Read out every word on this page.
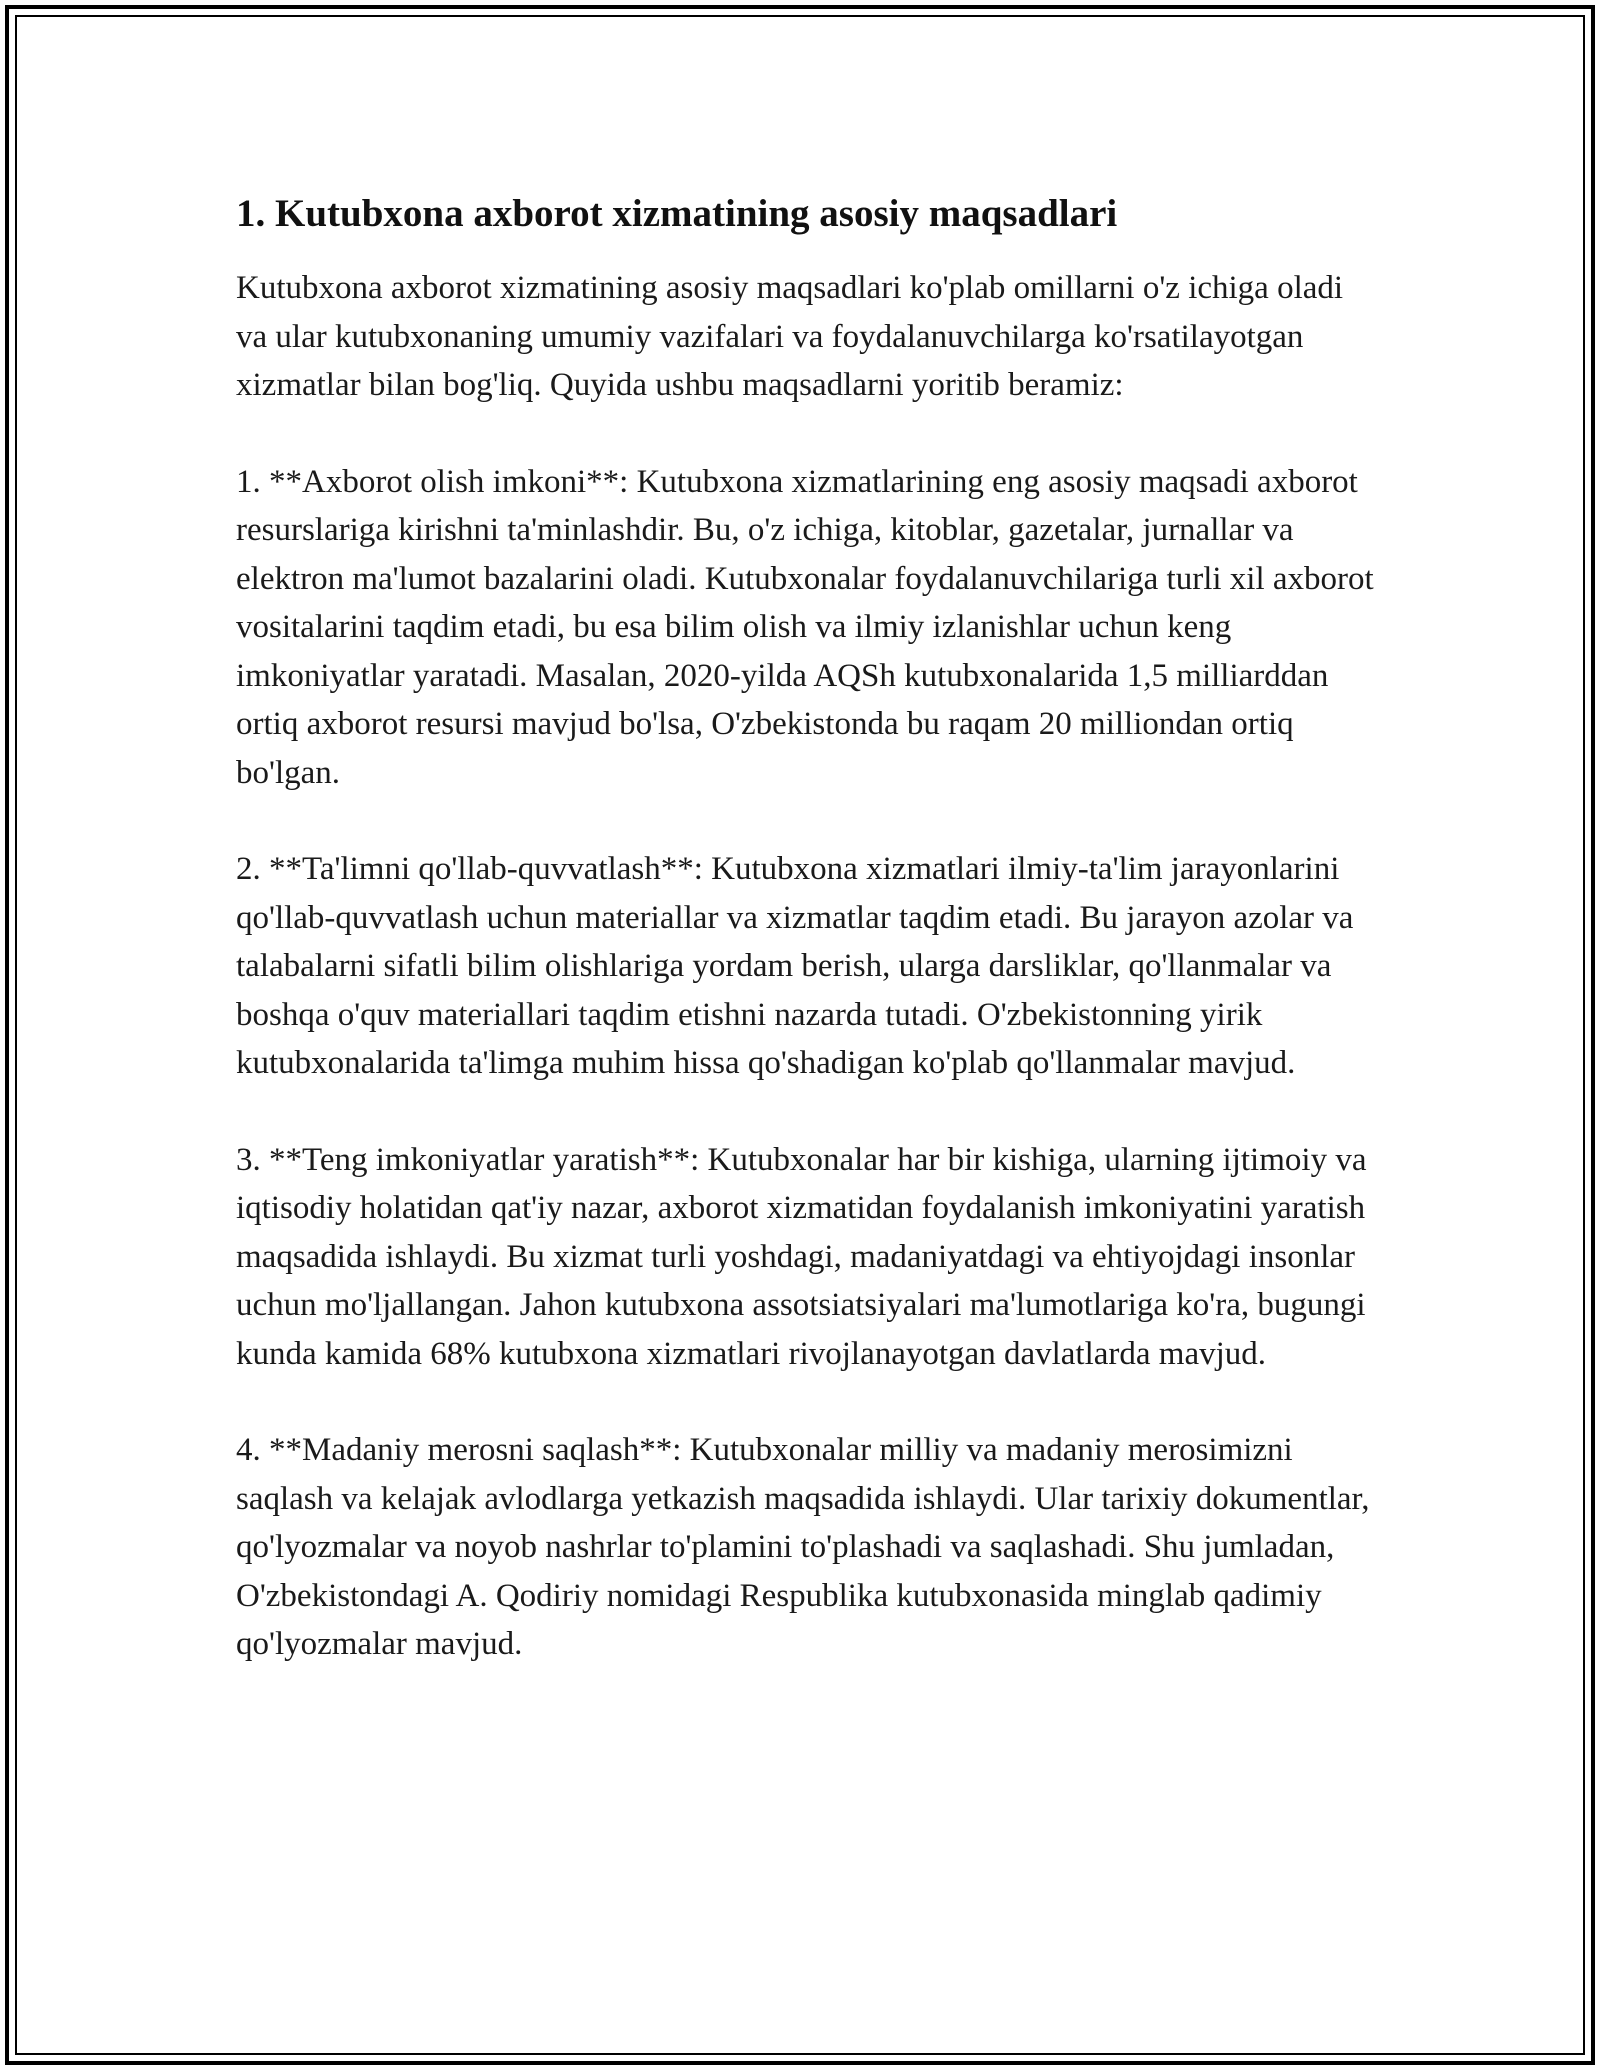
1. Kutubxona axborot xizmatining asosiy maqsadlari

Kutubxona axborot xizmatining asosiy maqsadlari ko'plab omillarni o'z ichiga oladi va ular kutubxonaning umumiy vazifalari va foydalanuvchilarga ko'rsatilayotgan xizmatlar bilan bog'liq. Quyida ushbu maqsadlarni yoritib beramiz:

1. **Axborot olish imkoni**: Kutubxona xizmatlarining eng asosiy maqsadi axborot resurslariga kirishni ta'minlashdir. Bu, o'z ichiga, kitoblar, gazetalar, jurnallar va elektron ma'lumot bazalarini oladi. Kutubxonalar foydalanuvchilariga turli xil axborot vositalarini taqdim etadi, bu esa bilim olish va ilmiy izlanishlar uchun keng imkoniyatlar yaratadi. Masalan, 2020-yilda AQSh kutubxonalarida 1,5 milliarddan ortiq axborot resursi mavjud bo'lsa, O'zbekistonda bu raqam 20 milliondan ortiq bo'lgan.

2. **Ta'limni qo'llab-quvvatlash**: Kutubxona xizmatlari ilmiy-ta'lim jarayonlarini qo'llab-quvvatlash uchun materiallar va xizmatlar taqdim etadi. Bu jarayon azolar va talabalarni sifatli bilim olishlariga yordam berish, ularga darsliklar, qo'llanmalar va boshqa o'quv materiallari taqdim etishni nazarda tutadi. O'zbekistonning yirik kutubxonalarida ta'limga muhim hissa qo'shadigan ko'plab qo'llanmalar mavjud.

3. **Teng imkoniyatlar yaratish**: Kutubxonalar har bir kishiga, ularning ijtimoiy va iqtisodiy holatidan qat'iy nazar, axborot xizmatidan foydalanish imkoniyatini yaratish maqsadida ishlaydi. Bu xizmat turli yoshdagi, madaniyatdagi va ehtiyojdagi insonlar uchun mo'ljallangan. Jahon kutubxona assotsiatsiyalari ma'lumotlariga ko'ra, bugungi kunda kamida 68% kutubxona xizmatlari rivojlanayotgan davlatlarda mavjud.

4. **Madaniy merosni saqlash**: Kutubxonalar milliy va madaniy merosimizni saqlash va kelajak avlodlarga yetkazish maqsadida ishlaydi. Ular tarixiy dokumentlar, qo'lyozmalar va noyob nashrlar to'plamini to'plashadi va saqlashadi. Shu jumladan, O'zbekistondagi A. Qodiriy nomidagi Respublika kutubxonasida minglab qadimiy qo'lyozmalar mavjud.
